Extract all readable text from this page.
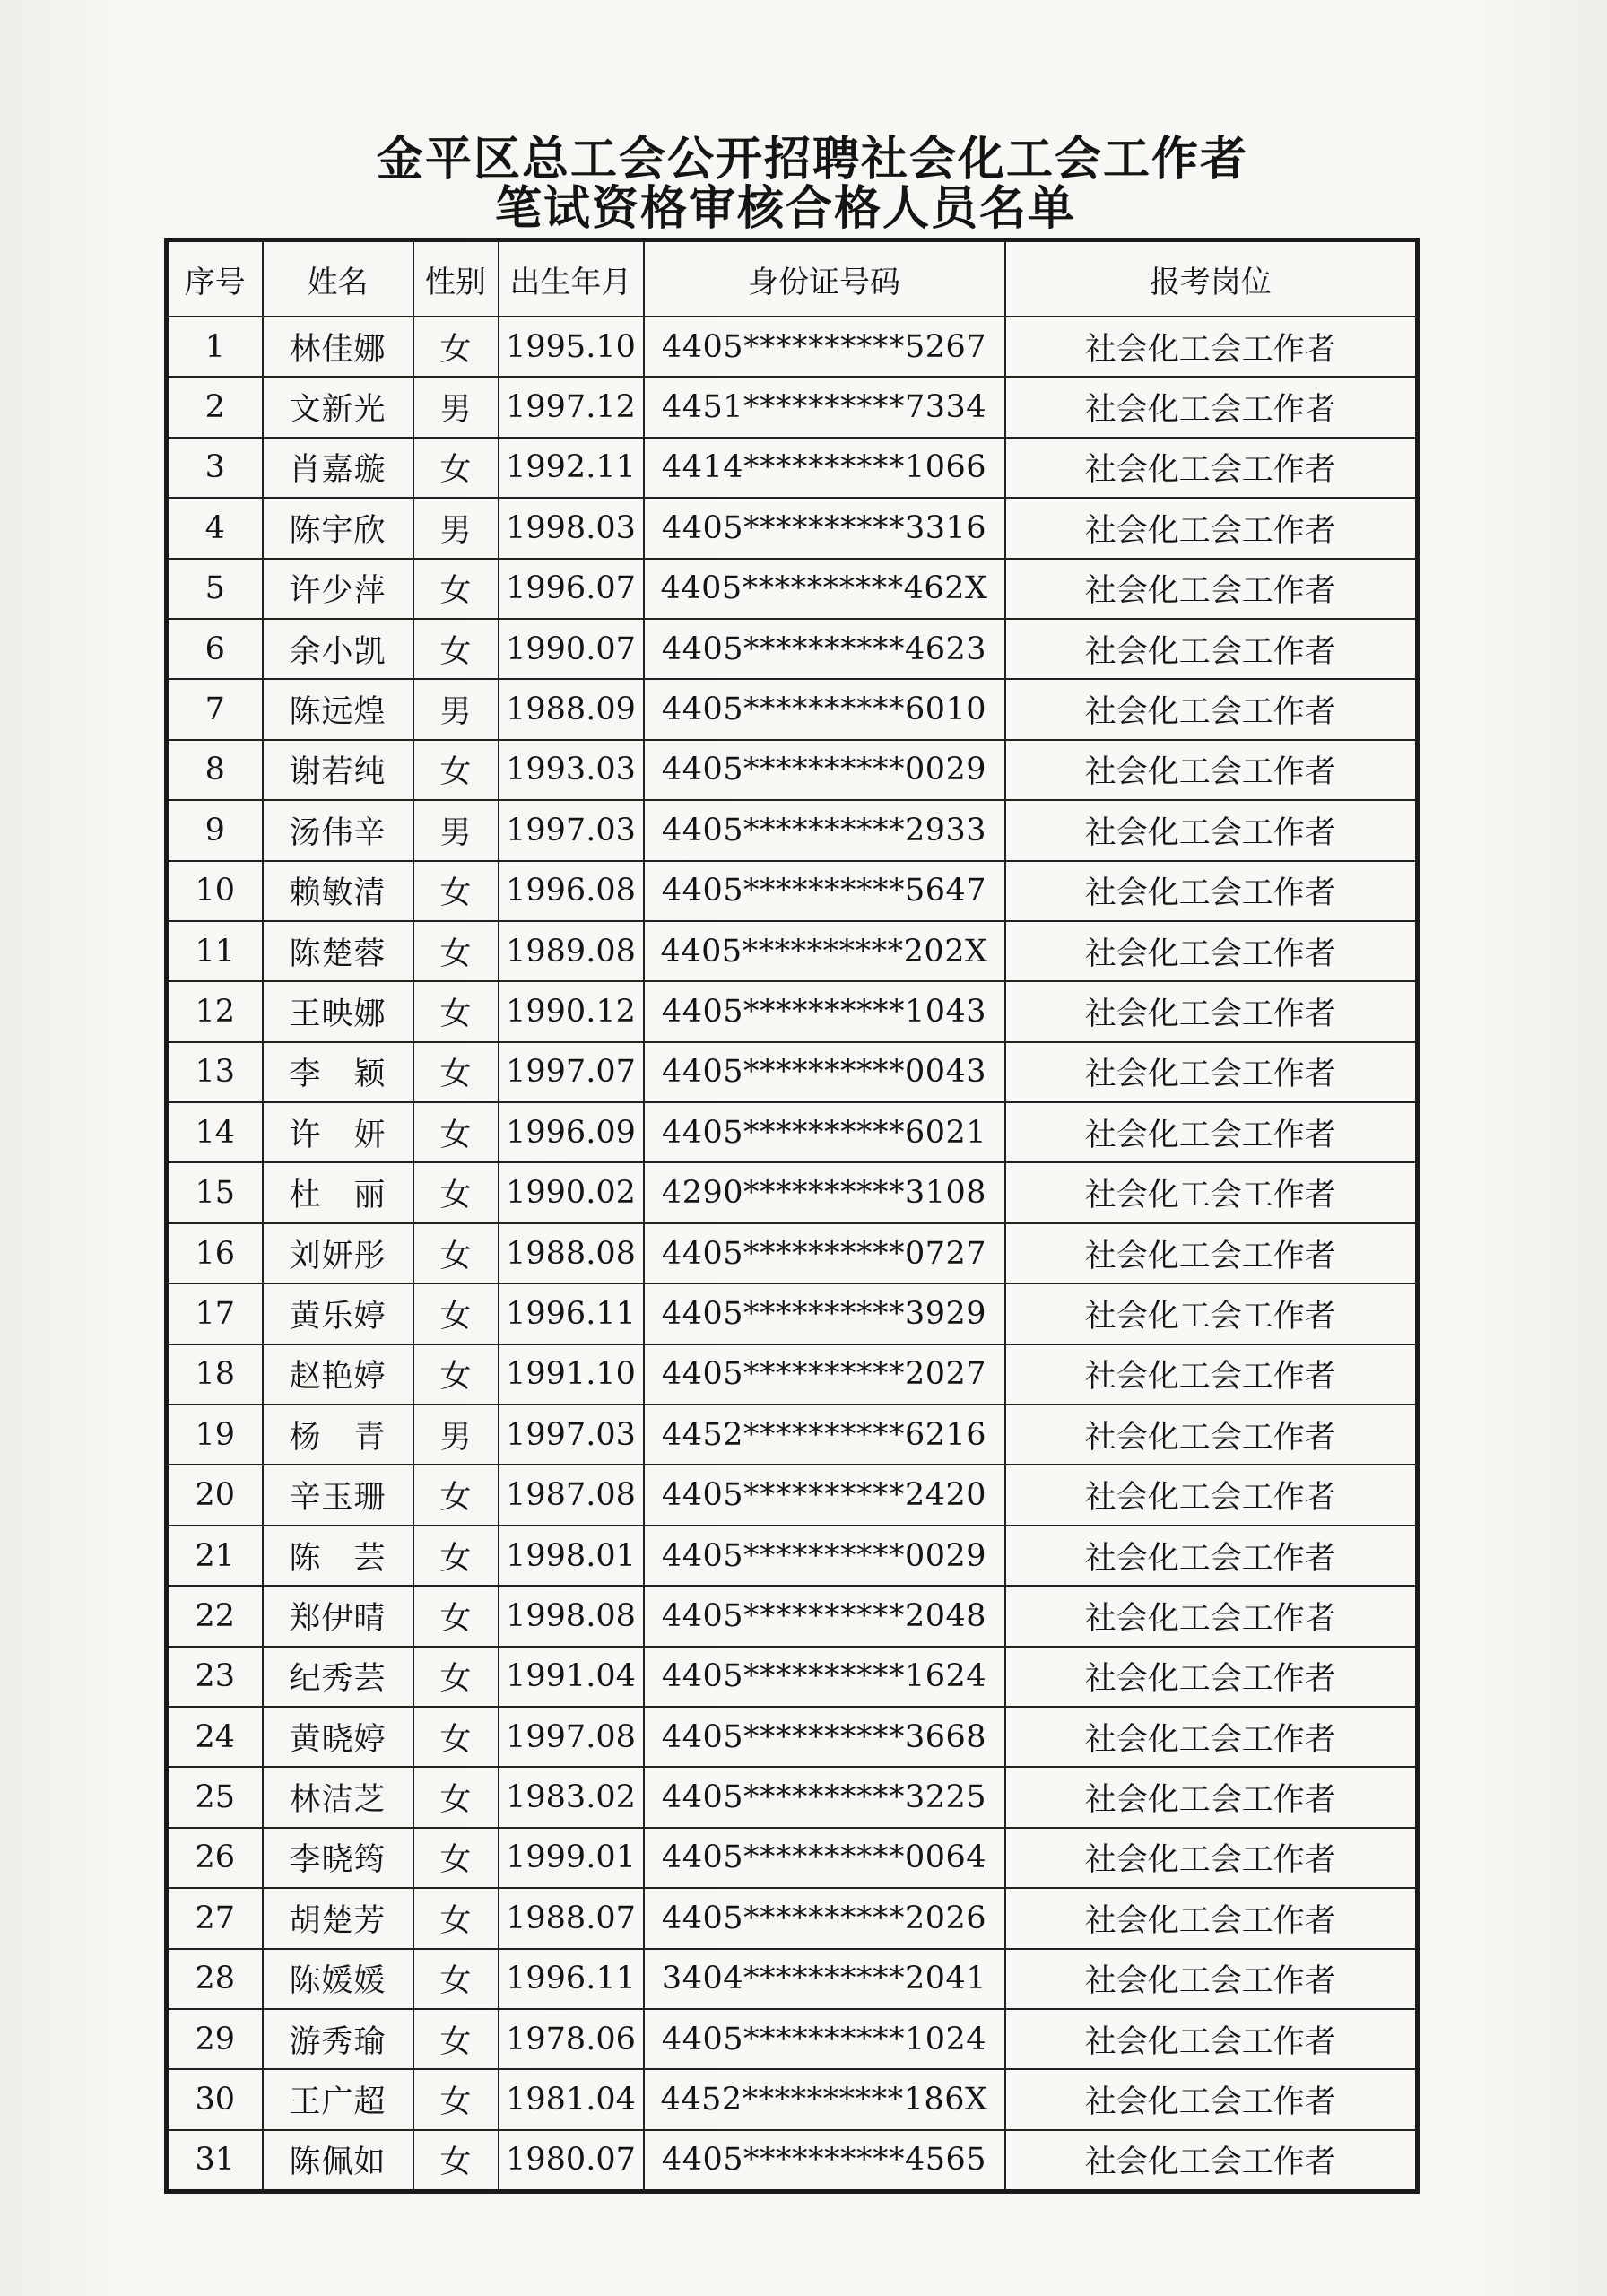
金平区总工会公开招聘社会化工会工作者
笔试资格审核合格人员名单
序号	姓名	性别	出生年月	身份证号码	报考岗位
1	林佳娜	女	1995.10	4405**********5267	社会化工会工作者
2	文新光	男	1997.12	4451**********7334	社会化工会工作者
3	肖嘉璇	女	1992.11	4414**********1066	社会化工会工作者
4	陈宇欣	男	1998.03	4405**********3316	社会化工会工作者
5	许少萍	女	1996.07	4405**********462X	社会化工会工作者
6	余小凯	女	1990.07	4405**********4623	社会化工会工作者
7	陈远煌	男	1988.09	4405**********6010	社会化工会工作者
8	谢若纯	女	1993.03	4405**********0029	社会化工会工作者
9	汤伟辛	男	1997.03	4405**********2933	社会化工会工作者
10	赖敏清	女	1996.08	4405**********5647	社会化工会工作者
11	陈楚蓉	女	1989.08	4405**********202X	社会化工会工作者
12	王映娜	女	1990.12	4405**********1043	社会化工会工作者
13	李　颖	女	1997.07	4405**********0043	社会化工会工作者
14	许　妍	女	1996.09	4405**********6021	社会化工会工作者
15	杜　丽	女	1990.02	4290**********3108	社会化工会工作者
16	刘妍彤	女	1988.08	4405**********0727	社会化工会工作者
17	黄乐婷	女	1996.11	4405**********3929	社会化工会工作者
18	赵艳婷	女	1991.10	4405**********2027	社会化工会工作者
19	杨　青	男	1997.03	4452**********6216	社会化工会工作者
20	辛玉珊	女	1987.08	4405**********2420	社会化工会工作者
21	陈　芸	女	1998.01	4405**********0029	社会化工会工作者
22	郑伊晴	女	1998.08	4405**********2048	社会化工会工作者
23	纪秀芸	女	1991.04	4405**********1624	社会化工会工作者
24	黄晓婷	女	1997.08	4405**********3668	社会化工会工作者
25	林洁芝	女	1983.02	4405**********3225	社会化工会工作者
26	李晓筠	女	1999.01	4405**********0064	社会化工会工作者
27	胡楚芳	女	1988.07	4405**********2026	社会化工会工作者
28	陈媛媛	女	1996.11	3404**********2041	社会化工会工作者
29	游秀瑜	女	1978.06	4405**********1024	社会化工会工作者
30	王广超	女	1981.04	4452**********186X	社会化工会工作者
31	陈佩如	女	1980.07	4405**********4565	社会化工会工作者
